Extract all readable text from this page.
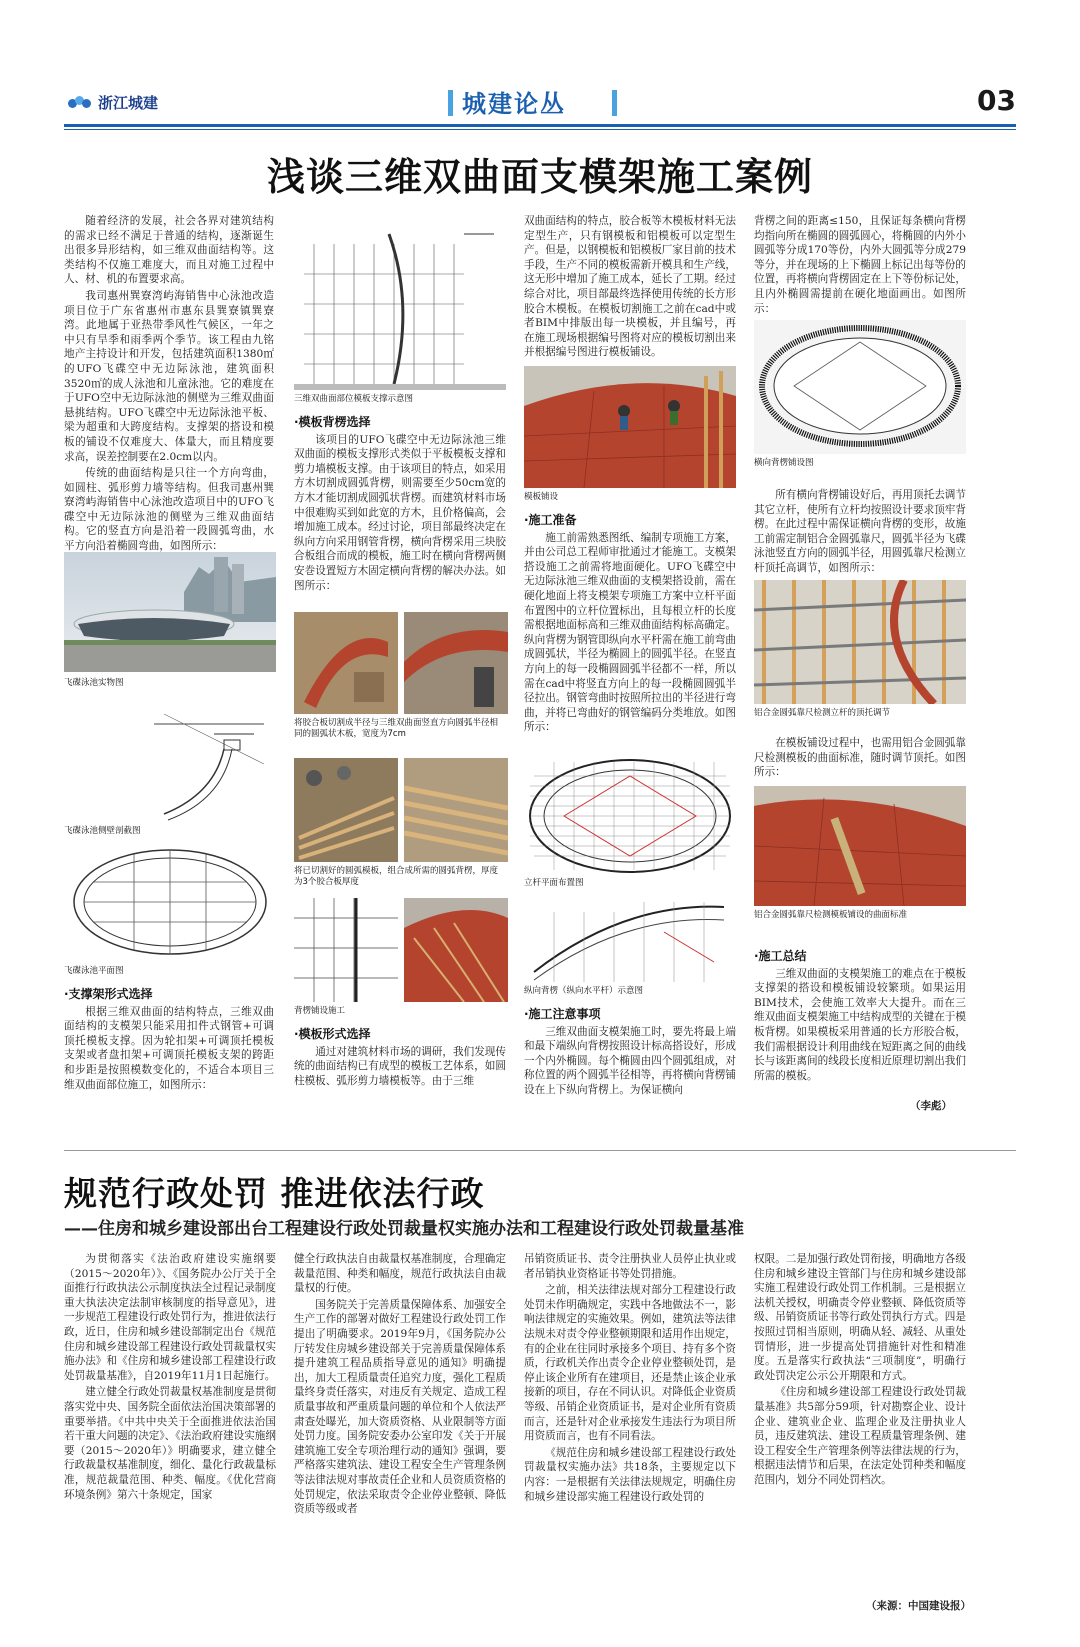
浙江城建	城建论丛	03
浅谈三维双曲面支模架施工案例

随着经济的发展，社会各界对建筑结构的需求已经不满足于普通的结构，逐渐诞生出很多异形结构，如三维双曲面结构等。这类结构不仅施工难度大，而且对施工过程中人、材、机的布置要求高。

我司惠州巽寮湾屿海销售中心泳池改造项目位于广东省惠州市惠东县巽寮镇巽寮湾。此地属于亚热带季风性气候区，一年之中只有旱季和雨季两个季节。该工程由九铭地产主持设计和开发，包括建筑面积1380㎡的UFO飞碟空中无边际泳池，建筑面积3520㎡的成人泳池和儿童泳池。它的难度在于UFO空中无边际泳池的侧壁为三维双曲面悬挑结构。UFO飞碟空中无边际泳池平板、梁为超重和大跨度结构。支撑架的搭设和模板的铺设不仅难度大、体量大，而且精度要求高，误差控制要在2.0cm以内。

传统的曲面结构是只往一个方向弯曲，如圆柱、弧形剪力墙等结构。但我司惠州巽寮湾屿海销售中心泳池改造项目中的UFO飞碟空中无边际泳池的侧壁为三维双曲面结构。它的竖直方向是沿着一段圆弧弯曲，水平方向沿着椭圆弯曲，如图所示：

飞碟泳池实物图
飞碟泳池侧壁剖截图
飞碟泳池平面图
·支撑架形式选择

根据三维双曲面的结构特点，三维双曲面结构的支模架只能采用扣件式钢管+可调顶托模板支撑。因为轮扣架+可调顶托模板支架或者盘扣架+可调顶托模板支架的跨距和步距是按照模数变化的，不适合本项目三维双曲面部位施工，如图所示：

三维双曲面部位模板支撑示意图
·模板背楞选择

该项目的UFO飞碟空中无边际泳池三维双曲面的模板支撑形式类似于平板模板支撑和剪力墙模板支撑。由于该项目的特点，如采用方木切割成圆弧背楞，则需要至少50cm宽的方木才能切割成圆弧状背楞。而建筑材料市场中很难购买到如此宽的方木，且价格偏高，会增加施工成本。经过讨论，项目部最终决定在纵向方向采用钢管背楞，横向背楞采用三块胶合板组合而成的模板，施工时在横向背楞两侧安巻设置短方木固定横向背楞的解决办法。如图所示：

将胶合板切割成半径与三维双曲面竖直方向圆弧半径相同的圆弧状木板，宽度为7cm
将已切割好的圆弧模板，组合成所需的圆弧背楞，厚度为3个胶合板厚度
背楞铺设施工
·模板形式选择

通过对建筑材料市场的调研，我们发现传统的曲面结构已有成型的模板工艺体系，如圆柱模板、弧形剪力墙模板等。由于三维

双曲面结构的特点，胶合板等木模板材料无法定型生产，只有钢模板和铝模板可以定型生产。但是，以钢模板和铝模板厂家目前的技术手段，生产不同的模板需新开模具和生产线，这无形中增加了施工成本，延长了工期。经过综合对比，项目部最终选择使用传统的长方形胶合木模板。在模板切割施工之前在cad中或者BIM中排版出每一块模板，并且编号，再在施工现场根据编号图将对应的模板切割出来并根据编号图进行模板铺设。

模板铺设
·施工准备

施工前需熟悉图纸、编制专项施工方案，并由公司总工程师审批通过才能施工。支模架搭设施工之前需将地面硬化。UFO飞碟空中无边际泳池三维双曲面的支模架搭设前，需在硬化地面上将支模架专项施工方案中立杆平面布置图中的立杆位置标出，且每根立杆的长度需根据地面标高和三维双曲面结构标高确定。纵向背楞为钢管即纵向水平杆需在施工前弯曲成圆弧状，半径为椭圆上的圆弧半径。在竖直方向上的每一段椭圆圆弧半径都不一样，所以需在cad中将竖直方向上的每一段椭圆圆弧半径拉出。钢管弯曲时按照所拉出的半径进行弯曲，并将已弯曲好的钢管编码分类堆放。如图所示：

立杆平面布置图
纵向背楞（纵向水平杆）示意图
·施工注意事项

三维双曲面支模架施工时，要先将最上端和最下端纵向背楞按照设计标高搭设好，形成一个内外椭圆。每个椭圆由四个圆弧组成，对称位置的两个圆弧半径相等，再将横向背楞铺设在上下纵向背楞上。为保证横向

背楞之间的距离≤150，且保证每条横向背楞均指向所在椭圆的圆弧圆心，将椭圆的内外小圆弧等分成170等份，内外大圆弧等分成279等分，并在现场的上下椭圆上标记出每等份的位置，再将横向背楞固定在上下等份标记处，且内外椭圆需提前在硬化地面画出。如图所示：

横向背楞铺设图

所有横向背楞铺设好后，再用顶托去调节其它立杆，使所有立杆均按照设计要求顶牢背楞。在此过程中需保证横向背楞的变形，故施工前需定制铝合金圆弧靠尺，圆弧半径为飞碟泳池竖直方向的圆弧半径，用圆弧靠尺检测立杆顶托高调节，如图所示：

铝合金圆弧靠尺检测立杆的顶托调节

在模板铺设过程中，也需用铝合金圆弧靠尺检测模板的曲面标准，随时调节顶托。如图所示：

铝合金圆弧靠尺检测模板铺设的曲面标准
·施工总结

三维双曲面的支模架施工的难点在于模板支撑架的搭设和模板铺设较繁琐。如果运用BIM技术，会使施工效率大大提升。而在三维双曲面支模架施工中结构成型的关键在于模板背楞。如果模板采用普通的长方形胶合板，我们需根据设计利用曲线在短距离之间的曲线长与该距离间的线段长度相近原理切割出我们所需的模板。

（李彪）
规范行政处罚 推进依法行政
——住房和城乡建设部出台工程建设行政处罚裁量权实施办法和工程建设行政处罚裁量基准

为贯彻落实《法治政府建设实施纲要（2015～2020年）》、《国务院办公厅关于全面推行行政执法公示制度执法全过程记录制度重大执法决定法制审核制度的指导意见》，进一步规范工程建设行政处罚行为，推进依法行政，近日，住房和城乡建设部制定出台《规范住房和城乡建设部工程建设行政处罚裁量权实施办法》和《住房和城乡建设部工程建设行政处罚裁量基准》，自2019年11月1日起施行。

建立健全行政处罚裁量权基准制度是贯彻落实党中央、国务院全面依法治国决策部署的重要举措。《中共中央关于全面推进依法治国若干重大问题的决定》、《法治政府建设实施纲要（2015～2020年）》明确要求，建立健全行政裁量权基准制度，细化、量化行政裁量标准，规范裁量范围、种类、幅度。《优化营商环境条例》第六十条规定，国家

健全行政执法自由裁量权基准制度，合理确定裁量范围、种类和幅度，规范行政执法自由裁量权的行使。

国务院关于完善质量保障体系、加强安全生产工作的部署对做好工程建设行政处罚工作提出了明确要求。2019年9月，《国务院办公厅转发住房城乡建设部关于完善质量保障体系提升建筑工程品质指导意见的通知》明确提出，加大工程质量责任追究力度，强化工程质量终身责任落实，对违反有关规定、造成工程质量事故和严重质量问题的单位和个人依法严肃查处曝光，加大资质资格、从业限制等方面处罚力度。国务院安委办公室印发《关于开展建筑施工安全专项治理行动的通知》强调，要严格落实建筑法、建设工程安全生产管理条例等法律法规对事故责任企业和人员资质资格的处罚规定，依法采取责令企业停业整顿、降低资质等级或者

吊销资质证书、责令注册执业人员停止执业或者吊销执业资格证书等处罚措施。

之前，相关法律法规对部分工程建设行政处罚未作明确规定，实践中各地做法不一，影响法律规定的实施效果。例如，建筑法等法律法规未对责令停业整顿期限和适用作出规定，有的企业在往同时承接多个项目、持有多个资质，行政机关作出责令企业停业整顿处罚，是停止该企业所有在建项目，还是禁止该企业承接新的项目，存在不同认识。对降低企业资质等级、吊销企业资质证书，是对企业所有资质而言，还是针对企业承接发生违法行为项目所用资质而言，也有不同看法。

《规范住房和城乡建设部工程建设行政处罚裁量权实施办法》共18条，主要规定以下内容：一是根据有关法律法规规定，明确住房和城乡建设部实施工程建设行政处罚的

权限。二是加强行政处罚衔接，明确地方各级住房和城乡建设主管部门与住房和城乡建设部实施工程建设行政处罚工作机制。三是根据立法机关授权，明确责令停业整顿、降低资质等级、吊销资质证书等行政处罚执行方式。四是按照过罚相当原则，明确从轻、减轻、从重处罚情形，进一步提高处罚措施针对性和精准度。五是落实行政执法“三项制度”，明确行政处罚决定公示公开期限和方式。

《住房和城乡建设部工程建设行政处罚裁量基准》共5部分59项，针对勘察企业、设计企业、建筑业企业、监理企业及注册执业人员，违反建筑法、建设工程质量管理条例、建设工程安全生产管理条例等法律法规的行为，根据违法情节和后果，在法定处罚种类和幅度范围内，划分不同处罚档次。

（来源：中国建设报）
